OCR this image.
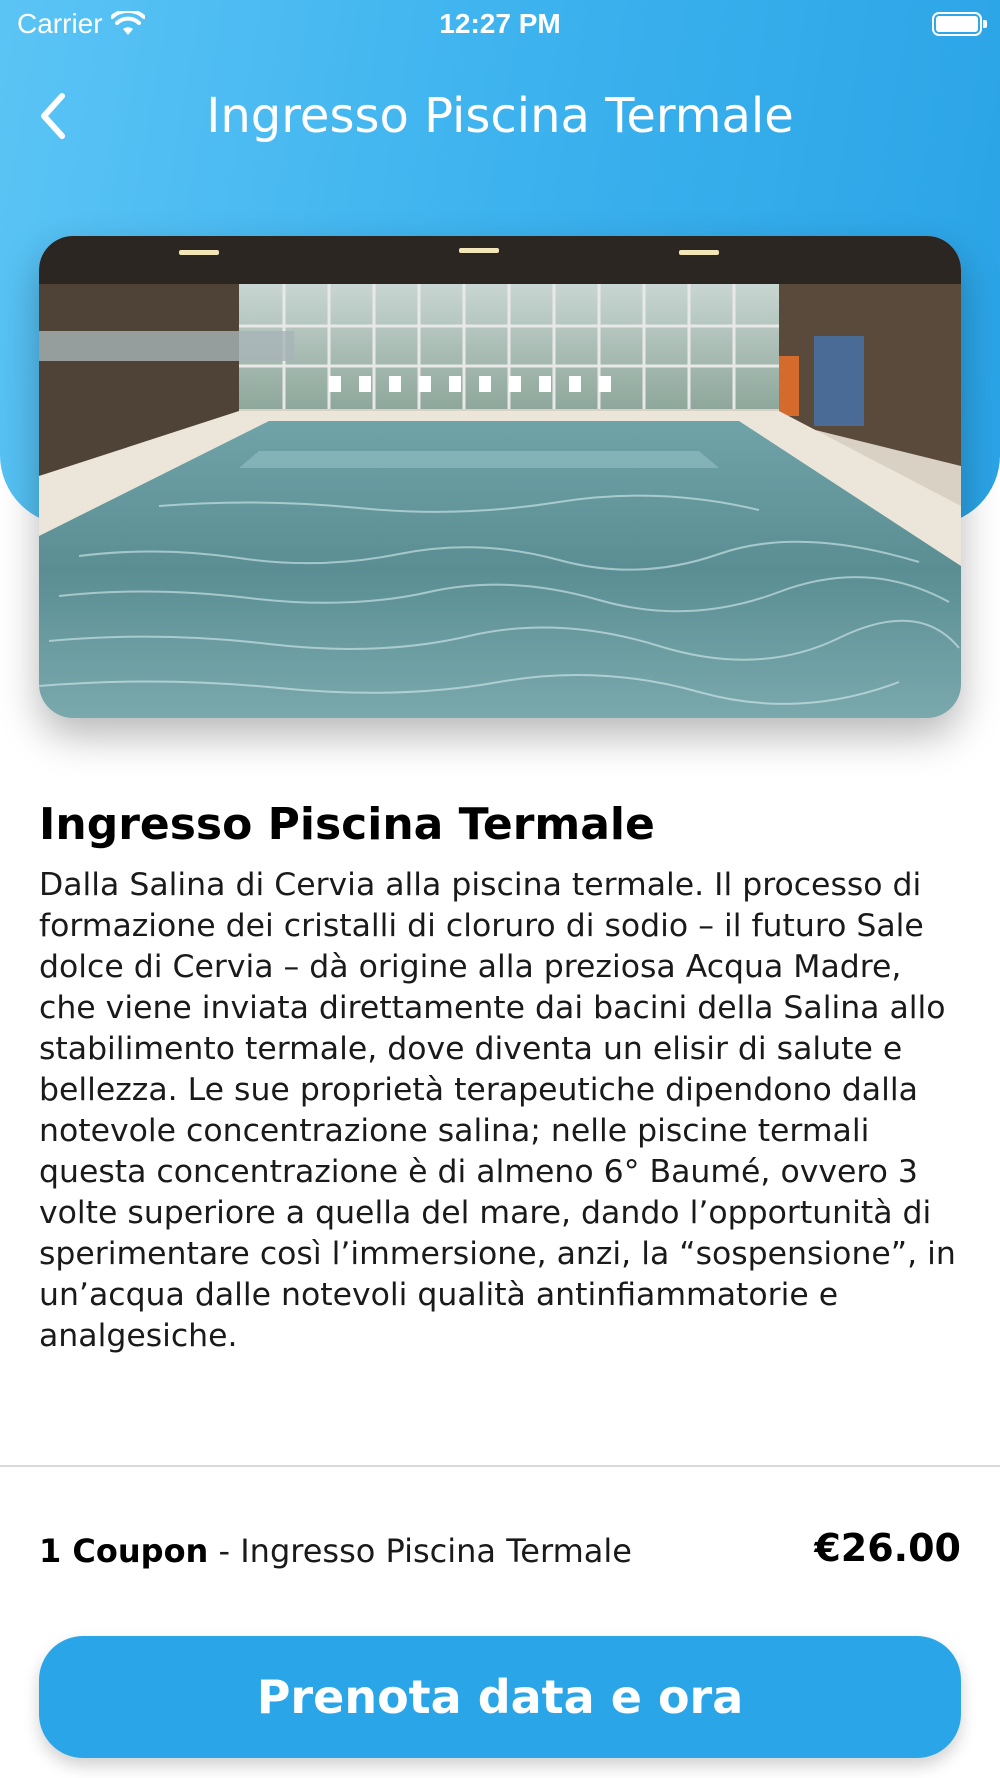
Carrier	12:27 PM
Ingresso Piscina Termale
Ingresso Piscina Termale

Dalla Salina di Cervia alla piscina termale. Il processo di formazione dei cristalli di cloruro di sodio – il futuro Sale dolce di Cervia – dà origine alla preziosa Acqua Madre, che viene inviata direttamente dai bacini della Salina allo stabilimento termale, dove diventa un elisir di salute e bellezza. Le sue proprietà terapeutiche dipendono dalla notevole concentrazione salina; nelle piscine termali questa concentrazione è di almeno 6° Baumé, ovvero 3 volte superiore a quella del mare, dando l’opportunità di sperimentare così l’immersione, anzi, la “sospensione”, in un’acqua dalle notevoli qualità antinfiammatorie e analgesiche.

1 Coupon - Ingresso Piscina Termale	€26.00
Prenota data e ora
